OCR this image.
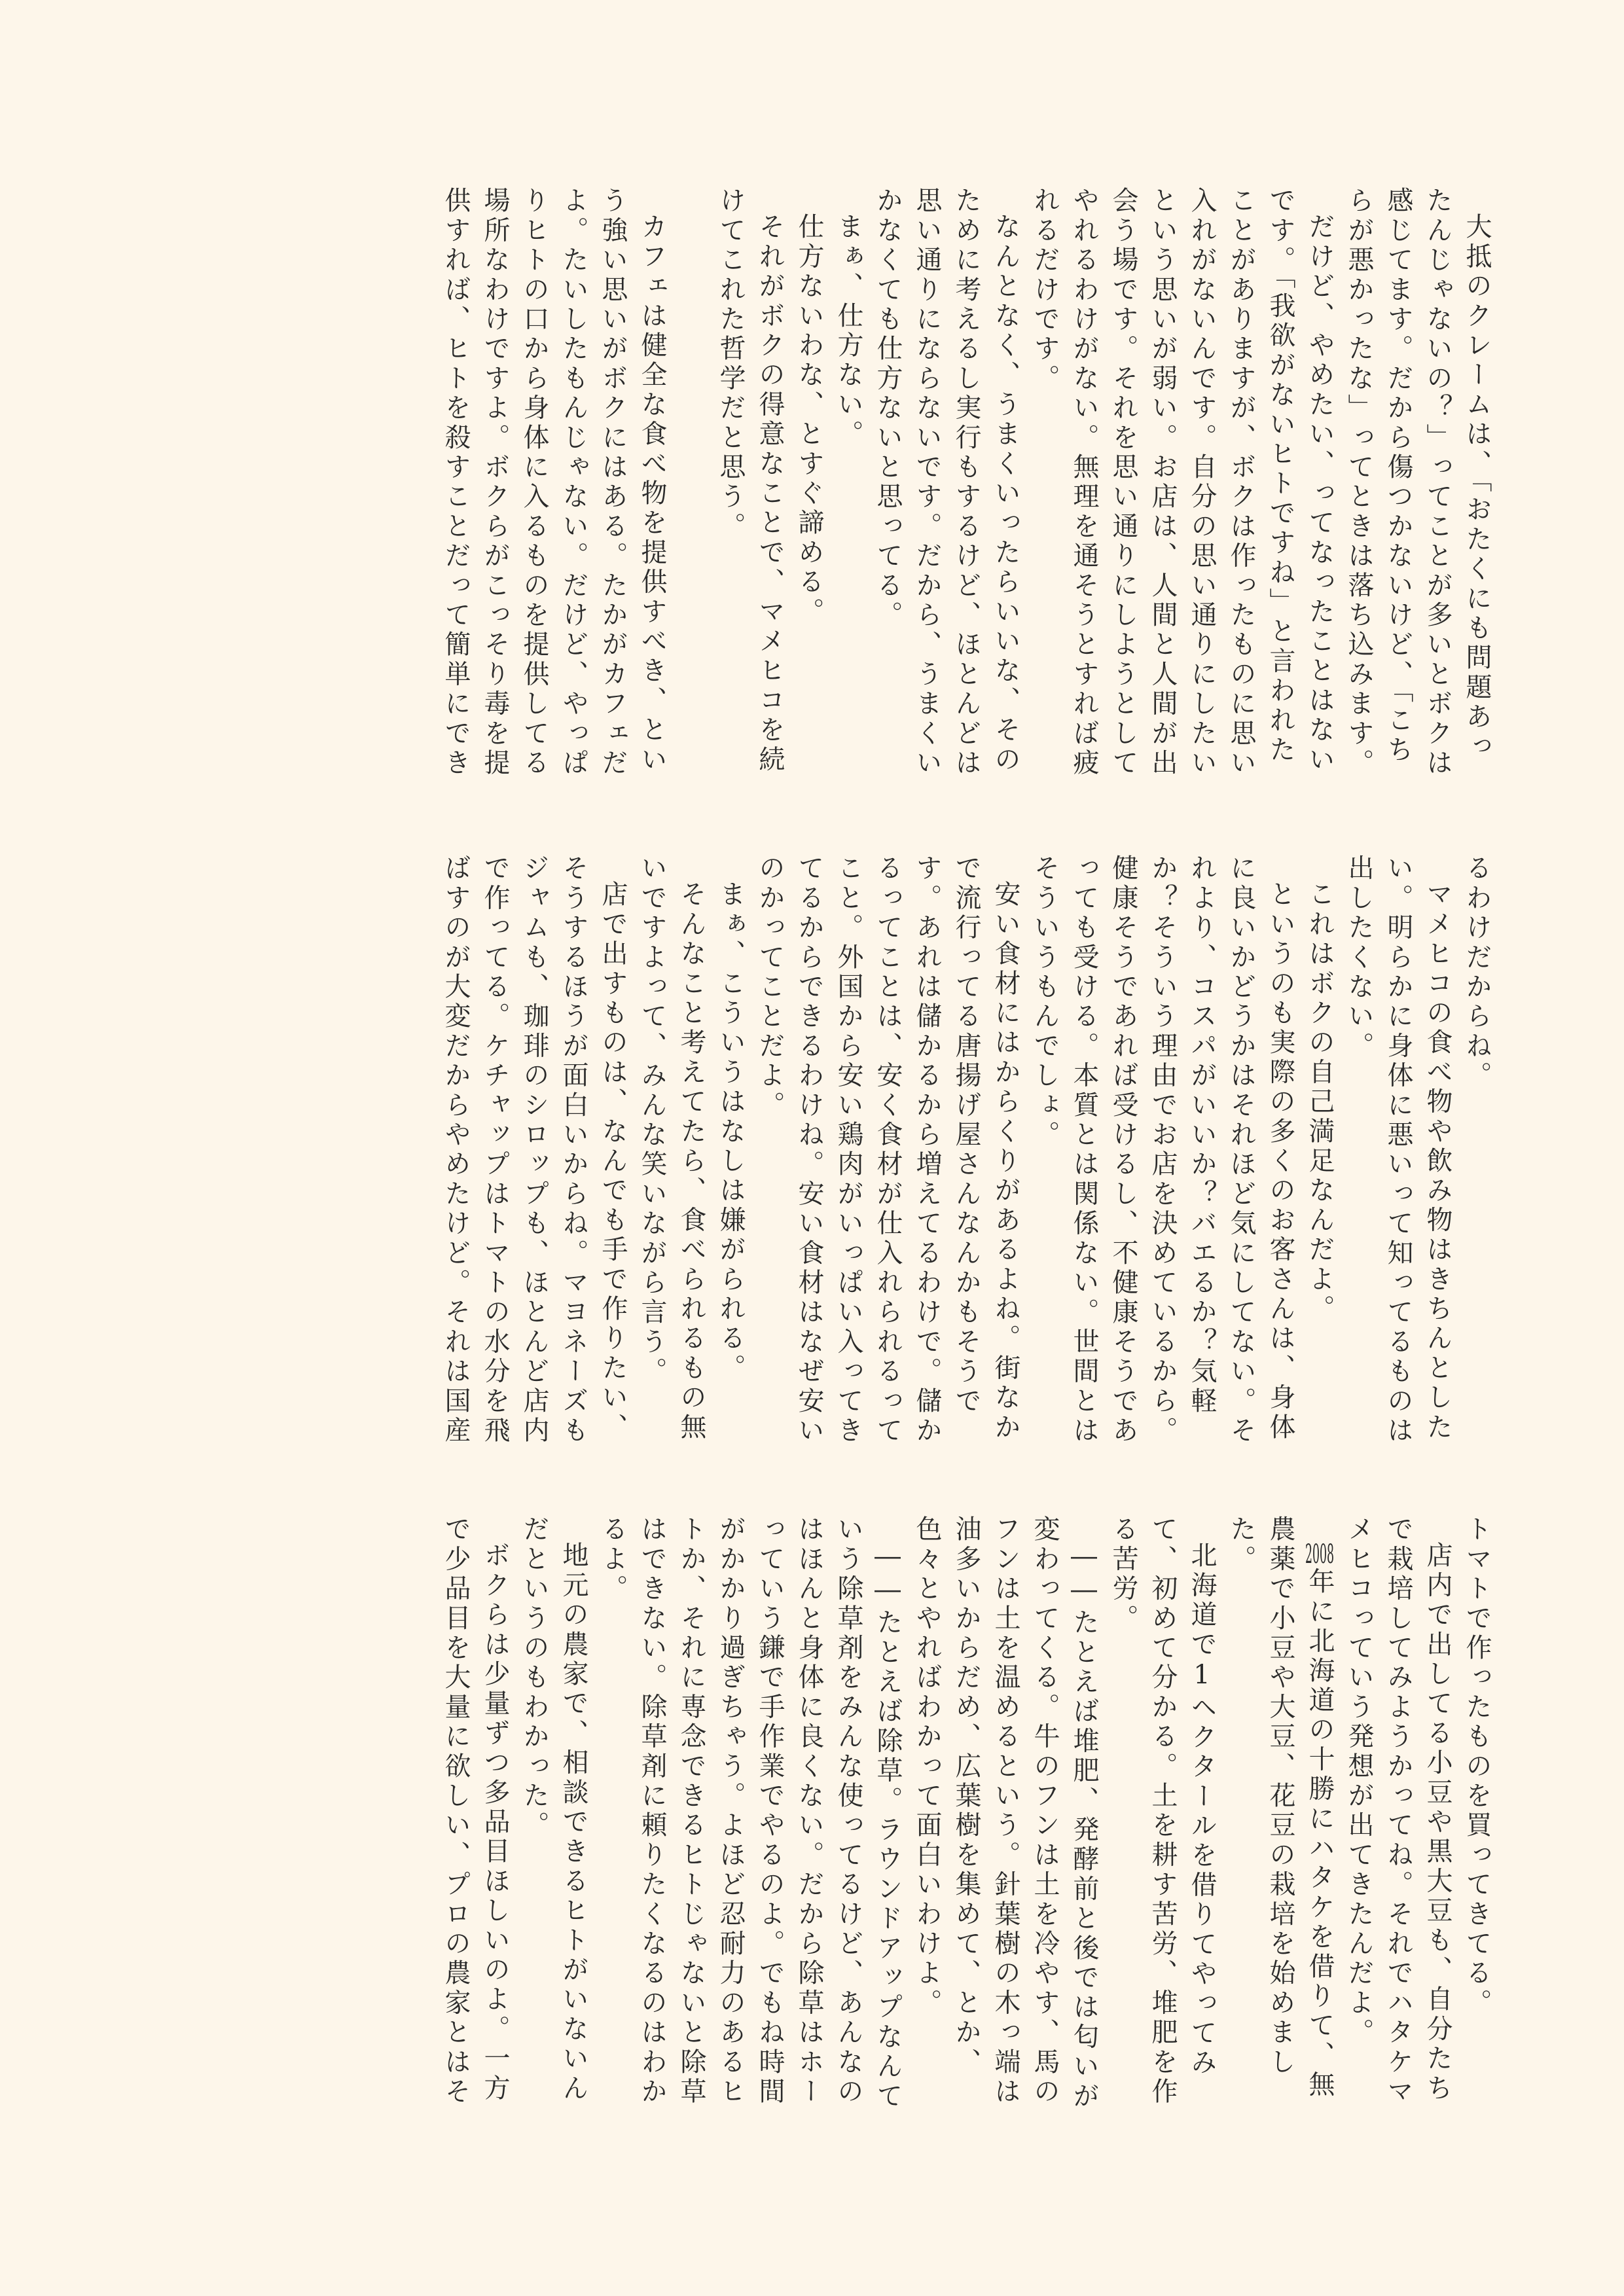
大抵のクレームは、「おたくにも問題あったんじゃないの？」ってことが多いとボクは感じてます。だから傷つかないけど、「こちらが悪かったな」ってときは落ち込みます。

だけど、やめたい、ってなったことはないです。「我欲がないヒトですね」と言われたことがありますが、ボクは作ったものに思い入れがないんです。自分の思い通りにしたいという思いが弱い。お店は、人間と人間が出会う場です。それを思い通りにしようとしてやれるわけがない。無理を通そうとすれば疲れるだけです。

なんとなく、うまくいったらいいな、そのために考えるし実行もするけど、ほとんどは思い通りにならないです。だから、うまくいかなくても仕方ないと思ってる。

まぁ、仕方ない。

仕方ないわな、とすぐ諦める。

それがボクの得意なことで、マメヒコを続けてこれた哲学だと思う。

カフェは健全な食べ物を提供すべき、という強い思いがボクにはある。たかがカフェだよ。たいしたもんじゃない。だけど、やっぱりヒトの口から身体に入るものを提供してる場所なわけですよ。ボクらがこっそり毒を提供すれば、ヒトを殺すことだって簡単にでき

るわけだからね。

マメヒコの食べ物や飲み物はきちんとしたい。明らかに身体に悪いって知ってるものは出したくない。

これはボクの自己満足なんだよ。

というのも実際の多くのお客さんは、身体に良いかどうかはそれほど気にしてない。それより、コスパがいいか？バエるか？気軽か？そういう理由でお店を決めているから。健康そうであれば受けるし、不健康そうであっても受ける。本質とは関係ない。世間とはそういうもんでしょ。

安い食材にはからくりがあるよね。街なかで流行ってる唐揚げ屋さんなんかもそうです。あれは儲かるから増えてるわけで。儲かるってことは、安く食材が仕入れられるってこと。外国から安い鶏肉がいっぱい入ってきてるからできるわけね。安い食材はなぜ安いのかってことだよ。

まぁ、こういうはなしは嫌がられる。

そんなこと考えてたら、食べられるもの無いですよって、みんな笑いながら言う。

店で出すものは、なんでも手で作りたい、そうするほうが面白いからね。マヨネーズもジャムも、珈琲のシロップも、ほとんど店内で作ってる。ケチャップはトマトの水分を飛ばすのが大変だからやめたけど。それは国産

トマトで作ったものを買ってきてる。

店内で出してる小豆や黒大豆も、自分たちで栽培してみようかってね。それでハタケマメヒコっていう発想が出てきたんだよ。

2008年に北海道の十勝にハタケを借りて、無農薬で小豆や大豆、花豆の栽培を始めました。

北海道で1ヘクタールを借りてやってみて、初めて分かる。土を耕す苦労、堆肥を作る苦労。

――たとえば堆肥、発酵前と後では匂いが変わってくる。牛のフンは土を冷やす、馬のフンは土を温めるという。針葉樹の木っ端は油多いからだめ、広葉樹を集めて、とか、色々とやればわかって面白いわけよ。

――たとえば除草。ラウンドアップなんていう除草剤をみんな使ってるけど、あんなのはほんと身体に良くない。だから除草はホーっていう鎌で手作業でやるのよ。でもね時間がかかり過ぎちゃう。よほど忍耐力のあるヒトか、それに専念できるヒトじゃないと除草はできない。除草剤に頼りたくなるのはわかるよ。

地元の農家で、相談できるヒトがいないんだというのもわかった。

ボクらは少量ずつ多品目ほしいのよ。一方で少品目を大量に欲しい、プロの農家とはそ
